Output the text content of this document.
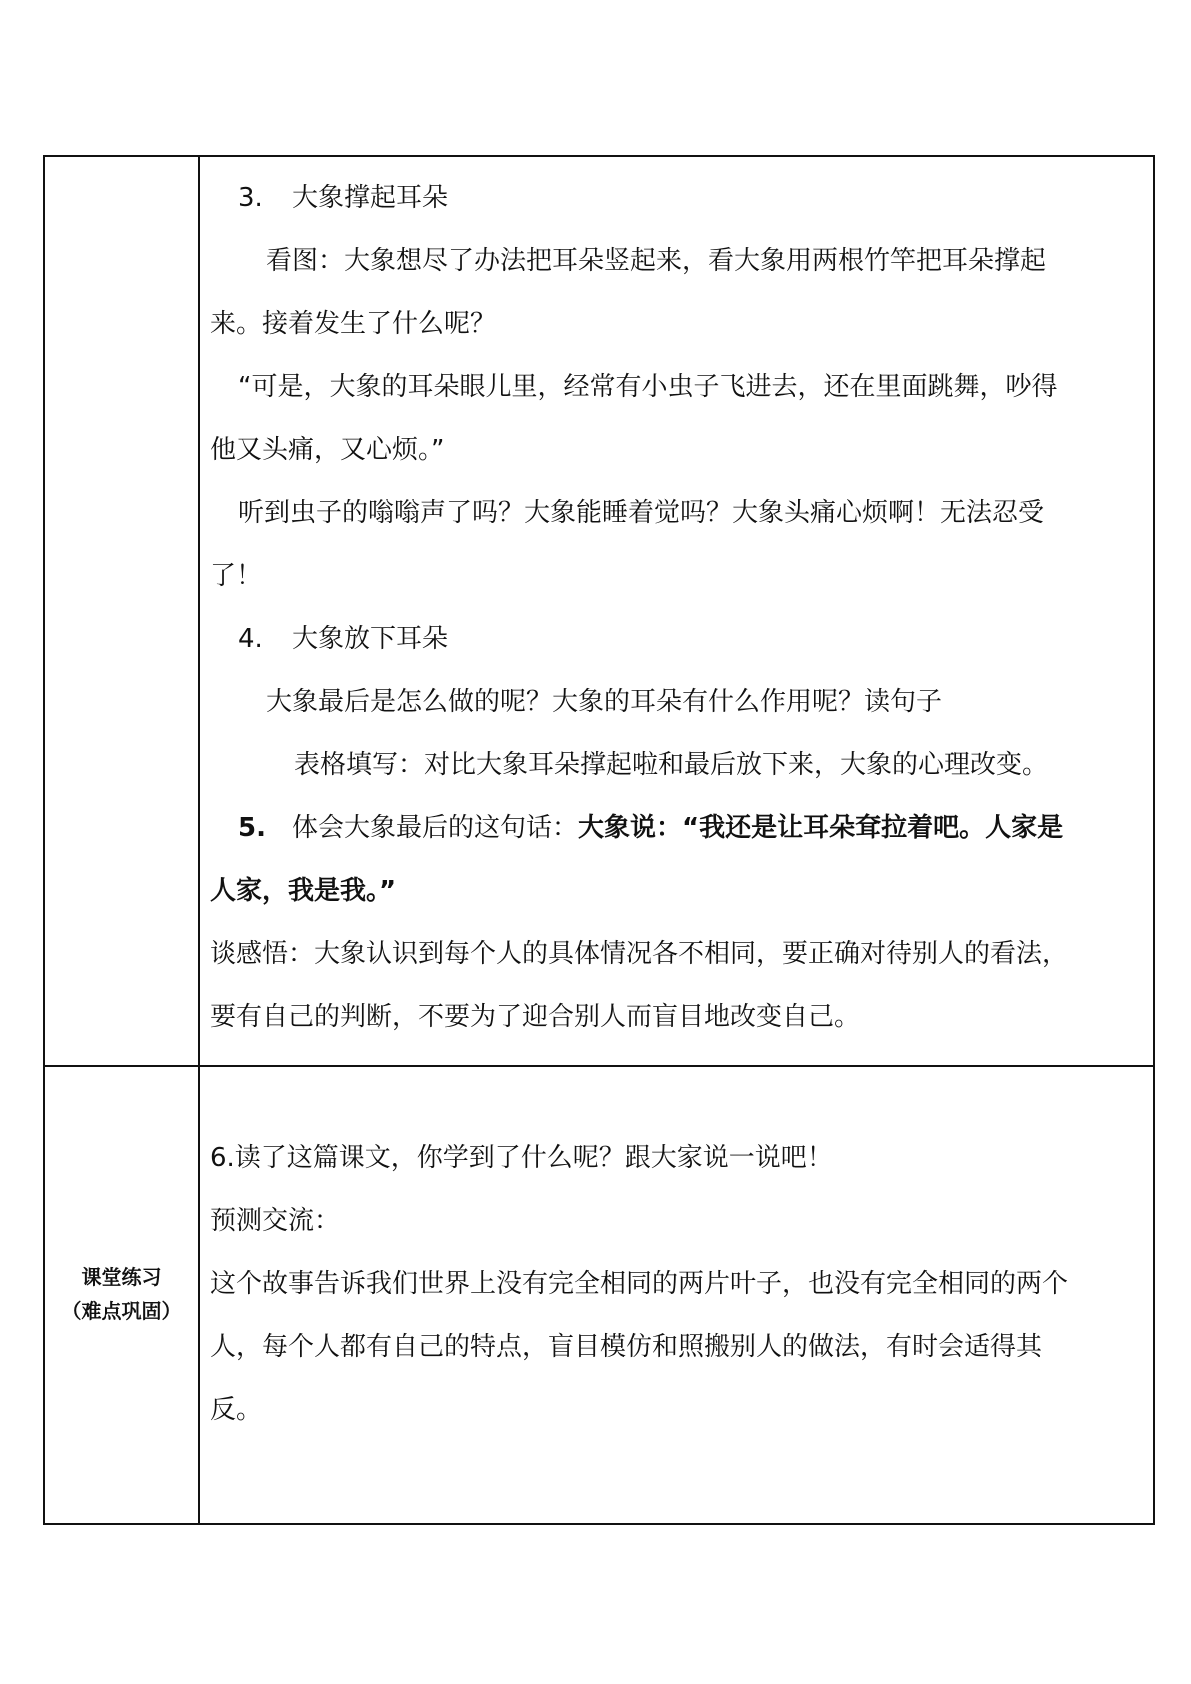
3. 大象撑起耳朵

看图：大象想尽了办法把耳朵竖起来，看大象用两根竹竿把耳朵撑起

来。接着发生了什么呢？

“可是，大象的耳朵眼儿里，经常有小虫子飞进去，还在里面跳舞，吵得

他又头痛，又心烦。”

听到虫子的嗡嗡声了吗？大象能睡着觉吗？大象头痛心烦啊！无法忍受

了！

4. 大象放下耳朵

大象最后是怎么做的呢？大象的耳朵有什么作用呢？读句子

表格填写：对比大象耳朵撑起啦和最后放下来，大象的心理改变。

5. 体会大象最后的这句话：大象说：“我还是让耳朵耷拉着吧。人家是

人家，我是我。”

谈感悟：大象认识到每个人的具体情况各不相同，要正确对待别人的看法，

要有自己的判断，不要为了迎合别人而盲目地改变自己。

课堂练习
（难点巩固）

6.读了这篇课文，你学到了什么呢？跟大家说一说吧！

预测交流：

这个故事告诉我们世界上没有完全相同的两片叶子，也没有完全相同的两个

人，每个人都有自己的特点，盲目模仿和照搬别人的做法，有时会适得其

反。
